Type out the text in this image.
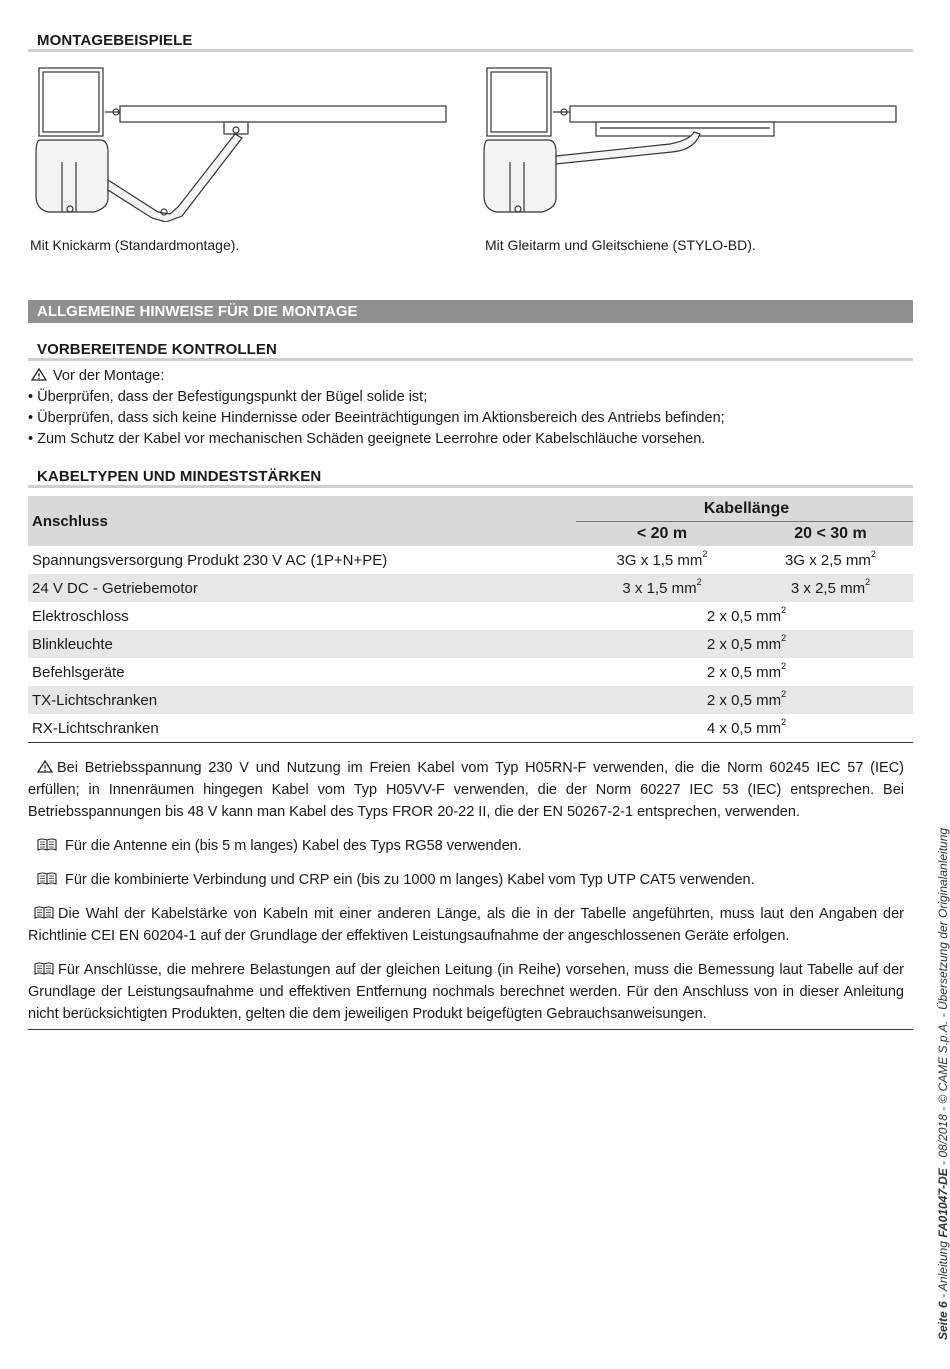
MONTAGEBEISPIELE
Mit Knickarm (Standardmontage).	Mit Gleitarm und Gleitschiene (STYLO-BD).
ALLGEMEINE HINWEISE FÜR DIE MONTAGE
VORBEREITENDE KONTROLLEN
Vor der Montage:
• Überprüfen, dass der Befestigungspunkt der Bügel solide ist;
• Überprüfen, dass sich keine Hindernisse oder Beeinträchtigungen im Aktionsbereich des Antriebs befinden;
• Zum Schutz der Kabel vor mechanischen Schäden geeignete Leerrohre oder Kabelschläuche vorsehen.
KABELTYPEN UND MINDESTSTÄRKEN
Anschluss	Kabellänge	
	< 20 m	20 < 30 m
Spannungsversorgung Produkt 230 V AC (1P+N+PE)	3G x 1,5 $mm^2$	3G x 2,5 $mm^2$
24 V DC - Getriebemotor	3 x 1,5 $mm^2$	3 x 2,5 $mm^2$
Elektroschloss	2 x 0,5 $mm^2$
Blinkleuchte	2 x 0,5 $mm^2$
Befehlsgeräte	2 x 0,5 $mm^2$
TX-Lichtschranken	2 x 0,5 $mm^2$
RX-Lichtschranken	4 x 0,5 $mm^2$
Bei Betriebsspannung 230 V und Nutzung im Freien Kabel vom Typ H05RN-F verwenden, die die Norm 60245 IEC 57 (IEC) erfüllen; in Innenräumen hingegen Kabel vom Typ H05VV-F verwenden, die der Norm 60227 IEC 53 (IEC) entsprechen. Bei Betriebsspannungen bis 48 V kann man Kabel des Typs FROR 20-22 II, die der EN 50267-2-1 entsprechen, verwenden.
Für die Antenne ein (bis 5 m langes) Kabel des Typs RG58 verwenden.
Für die kombinierte Verbindung und CRP ein (bis zu 1000 m langes) Kabel vom Typ UTP CAT5 verwenden.
Die Wahl der Kabelstärke von Kabeln mit einer anderen Länge, als die in der Tabelle angeführten, muss laut den Angaben der Richtlinie CEI EN 60204-1 auf der Grundlage der effektiven Leistungsaufnahme der angeschlossenen Geräte erfolgen.
Für Anschlüsse, die mehrere Belastungen auf der gleichen Leitung (in Reihe) vorsehen, muss die Bemessung laut Tabelle auf der Grundlage der Leistungsaufnahme und effektiven Entfernung nochmals berechnet werden. Für den Anschluss von in dieser Anleitung nicht berücksichtigten Produkten, gelten die dem jeweiligen Produkt beigefügten Gebrauchsanweisungen.
Seite 6 - Anleitung FA01047-DE - 08/2018 - © CAME S.p.A. - Übersetzung der Originalanleitung
